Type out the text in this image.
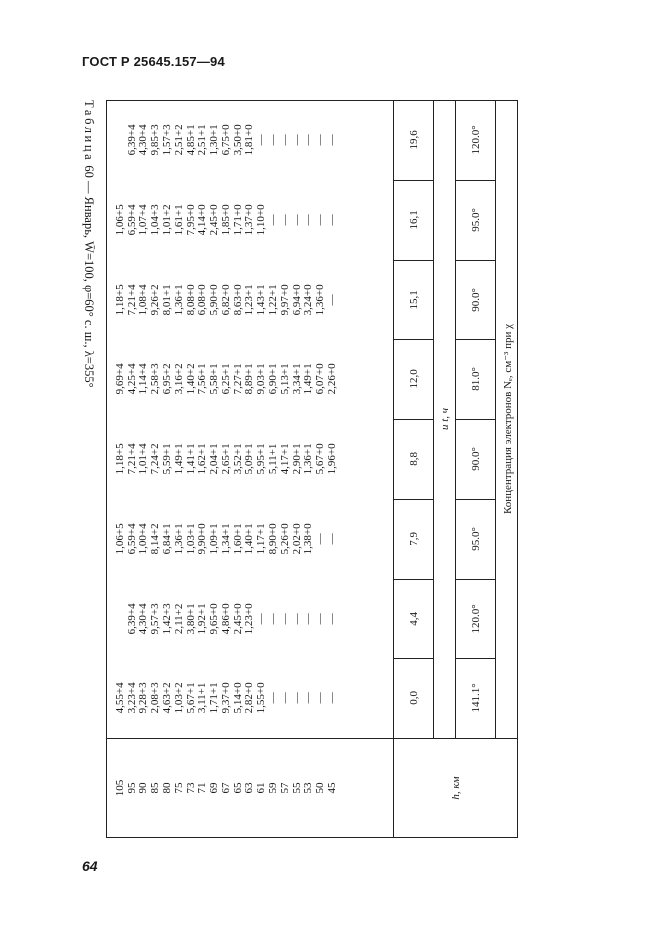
ГОСТ Р 25645.157—94
Таблица 60 — Январь, W̄=100, φ=60° с. ш., λ=355°
Концентрация электронов Nₑ, см⁻³ при χ
и t, ч
141.1°
120.0°
95.0°
90.0°
81.0°
90.0°
95.0°
120.0°
0,0
4,4
7,9
8,8
12,0
15,1
16,1
19,6
h, км
45
50
53
55
57
59
61
63
65
67
69
71
73
75
80
85
90
95
105
—
—
—
—
—
—
1,55+0
2,82+0
5,14+0
9,37+0
1,71+1
3,11+1
5,67+1
1,03+2
4,63+2
2,08+3
9,28+3
3,23+4
4,55+4
—
—
—
—
—
—
—
1,23+0
2,45+0
4,86+0
9,65+0
1,92+1
3,80+1
2,11+2
1,42+3
9,57+3
4,30+4
6,39+4
—
—
1,38+0
2,02+0
5,26+0
8,90+0
1,17+1
1,40+1
1,60+1
1,34+1
1,09+1
9,90+0
1,03+1
1,36+1
6,84+1
8,14+2
1,00+4
6,59+4
1,06+5
1,96+0
5,67+0
1,36+1
2,90+1
4,17+1
5,11+1
5,95+1
5,09+1
3,52+1
2,65+1
2,04+1
1,62+1
1,41+1
1,49+1
5,59+1
7,24+2
1,01+4
7,21+4
1,18+5
2,26+0
6,07+0
1,49+1
3,34+1
5,13+1
6,90+1
9,03+1
8,89+1
7,27+1
6,25+1
5,58+1
7,56+1
1,40+2
3,16+2
6,95+2
2,58+3
1,14+4
4,25+4
9,69+4
—
1,36+0
3,24+0
6,94+0
9,97+0
1,22+1
1,43+1
1,23+1
8,63+0
6,82+0
5,90+0
6,08+0
8,08+0
1,36+1
8,01+1
9,26+2
1,08+4
7,21+4
1,18+5
—
—
—
—
—
—
1,10+0
1,37+0
1,71+0
1,85+0
2,45+0
4,14+0
7,95+0
1,61+1
1,01+2
1,04+3
1,07+4
6,59+4
1,06+5
—
—
—
—
—
—
—
1,81+0
3,50+0
6,75+0
1,30+1
2,51+1
4,85+1
2,51+2
1,57+3
9,85+3
4,30+4
6,39+4
64
